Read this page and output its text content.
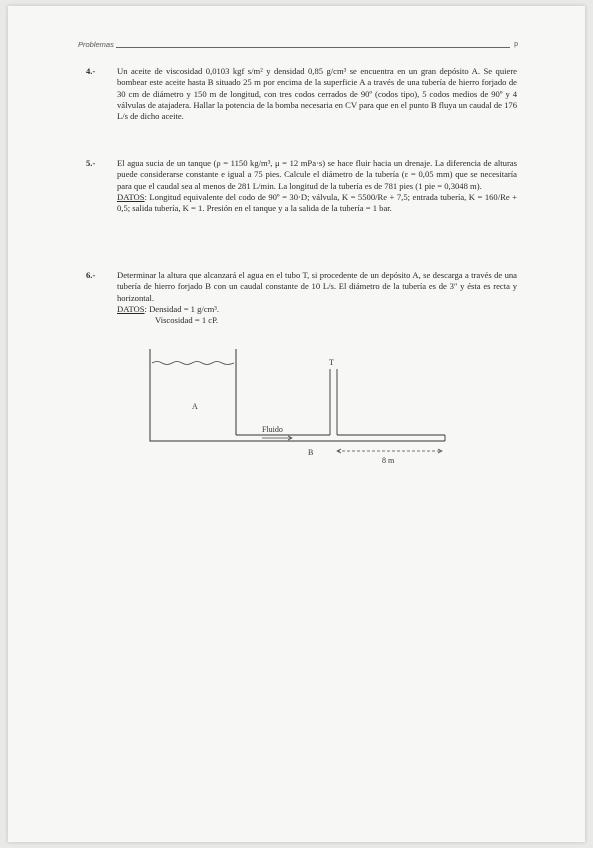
Problemas	p
4.-	Un aceite de viscosidad 0,0103 kgf s/m² y densidad 0,85 g/cm³ se encuentra en un gran depósito A. Se quiere bombear este aceite hasta B situado 25 m por encima de la superficie A a través de una tubería de hierro forjado de 30 cm de diámetro y 150 m de longitud, con tres codos cerrados de 90º (codos tipo), 5 codos medios de 90º y 4 válvulas de atajadera. Hallar la potencia de la bomba necesaria en CV para que en el punto B fluya un caudal de 176 L/s de dicho aceite.

5.-	El agua sucia de un tanque (ρ = 1150 kg/m³, μ = 12 mPa·s) se hace fluir hacia un drenaje. La diferencia de alturas puede considerarse constante e igual a 75 pies. Calcule el diámetro de la tubería (ε = 0,05 mm) que se necesitaría para que el caudal sea al menos de 281 L/min. La longitud de la tubería es de 781 pies (1 pie = 0,3048 m).
DATOS: Longitud equivalente del codo de 90º = 30·D; válvula, K = 5500/Re + 7,5; entrada tubería, K = 160/Re + 0,5; salida tubería, K = 1. Presión en el tanque y a la salida de la tubería = 1 bar.

6.-	Determinar la altura que alcanzará el agua en el tubo T, si procedente de un depósito A, se descarga a través de una tubería de hierro forjado B con un caudal constante de 10 L/s. El diámetro de la tubería es de 3" y ésta es recta y horizontal.
DATOS: Densidad = 1 g/cm³.
Viscosidad = 1 cP.

A
T
Fluido
B
8 m
